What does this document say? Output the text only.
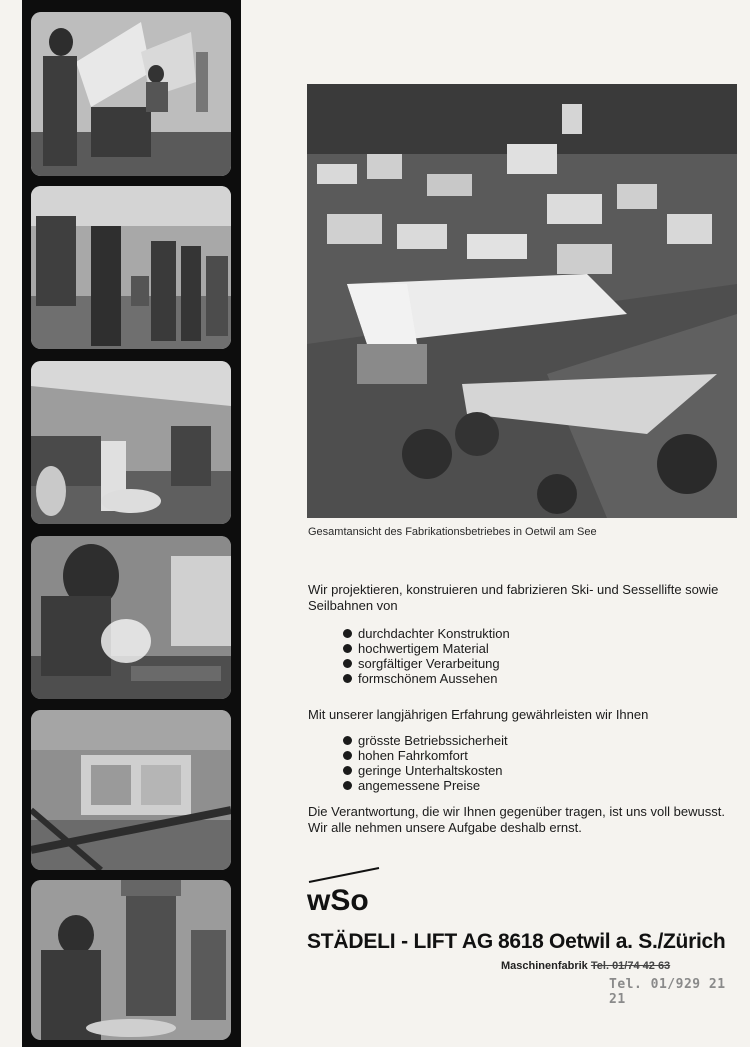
Gesamtansicht des Fabrikationsbetriebes in Oetwil am See
Wir projektieren, konstruieren und fabrizieren Ski- und Sessellifte sowie Seilbahnen von
durchdachter Konstruktion
hochwertigem Material
sorgfältiger Verarbeitung
formschönem Aussehen
Mit unserer langjährigen Erfahrung gewährleisten wir Ihnen
grösste Betriebssicherheit
hohen Fahrkomfort
geringe Unterhaltskosten
angemessene Preise
Die Verantwortung, die wir Ihnen gegenüber tragen, ist uns voll bewusst. Wir alle nehmen unsere Aufgabe deshalb ernst.
wSo
STÄDELI - LIFT AG 8618 Oetwil a. S./Zürich
Maschinenfabrik Tel. 01/74 42 63
Tel. 01/929 21 21
